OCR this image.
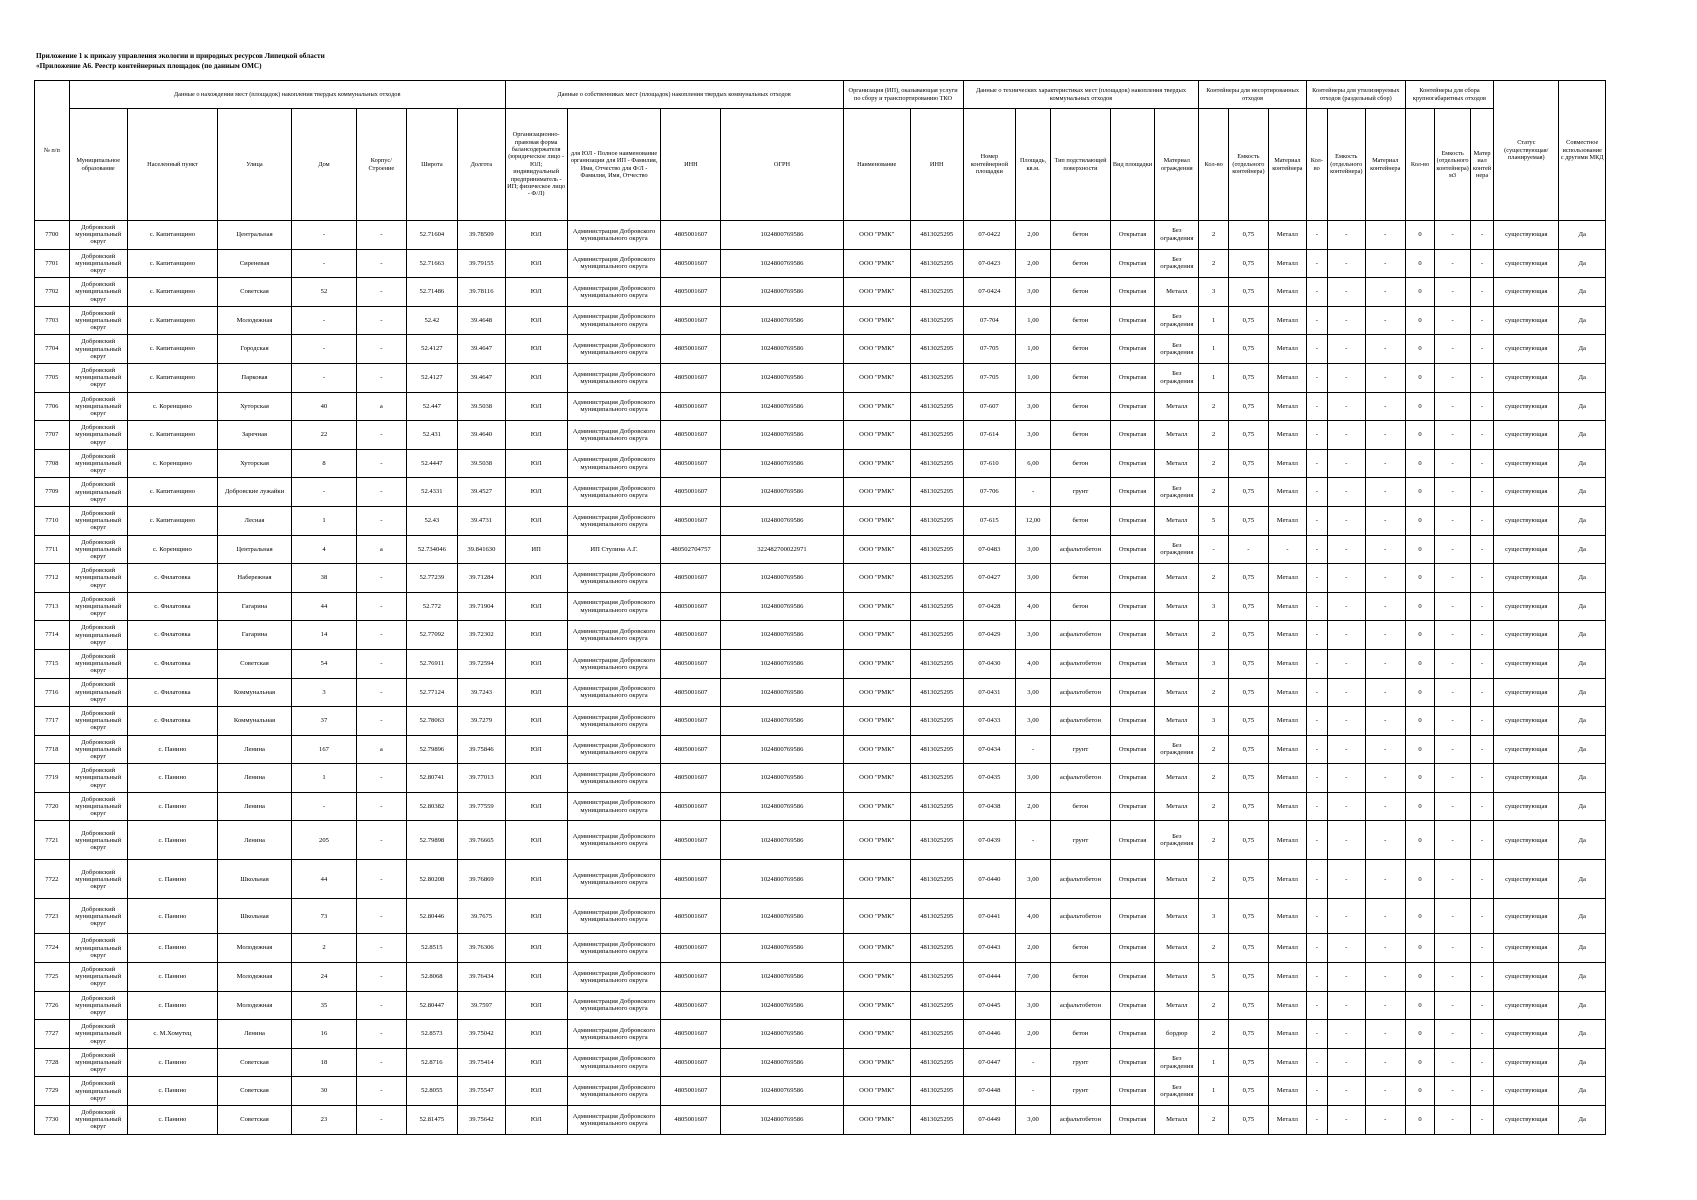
Приложение 1 к приказу управления экологии и природных ресурсов Липецкой области
«Приложение А6. Реестр контейнерных площадок (по данным ОМС)
№ п/п	Данные о нахождении мест (площадок) накопления твердых коммунальных отходов							Данные о собственниках мест (площадок) накопления твердых коммунальных отходов				Организация (ИП), оказывающая услуги по сбору и транспортированию ТКО		Данные о технических характеристиках мест (площадок) накопления твердых коммунальных отходов					Контейнеры для несортированных отходов			Контейнеры для утилизируемых отходов (раздельный сбор)			Контейнеры для сбора крупногабаритных отходов			Статус (существующая/ планируемая)	Совместное использование с другими МКД
	Муниципальное образование	Населенный пункт	Улица	Дом	Корпус/Строение	Широта	Долгота	Организационно-правовая форма балансодержателя (юридическое лицо - ЮЛ; индивидуальный предприниматель - ИП; физическое лицо - Ф/Л)	для ЮЛ - Полное наименование организации для ИП - Фамилия, Имя, Отчество для Ф/Л - Фамилия, Имя, Отчество	ИНН	ОГРН	Наименование	ИНН	Номер контейнерной площадки	Площадь, кв.м.	Тип подстилающей поверхности	Вид площадки	Материал ограждения	Кол-во	Емкость (отдельного контейнера)	Материал контейнера	Кол-во	Емкость (отдельного контейнера)	Материал контейнера	Кол-во	Емкость (отдельного контейнера) м3	Материал контейнера		
7700	Добровский муниципальный округ	с. Капитанщино	Центральная	-	-	52.71604	39.78509	ЮЛ	Администрация Добровского муниципального округа	4805001607	1024800769586	ООО "РМК"	4813025295	07-0422	2,00	бетон	Открытая	Без ограждения	2	0,75	Металл	-	-	-	0	-	-	существующая	Да
7701	Добровский муниципальный округ	с. Капитанщино	Сиреневая	-	-	52.71663	39.79155	ЮЛ	Администрация Добровского муниципального округа	4805001607	1024800769586	ООО "РМК"	4813025295	07-0423	2,00	бетон	Открытая	Без ограждения	2	0,75	Металл	-	-	-	0	-	-	существующая	Да
7702	Добровский муниципальный округ	с. Капитанщино	Советская	52	-	52.71486	39.78116	ЮЛ	Администрация Добровского муниципального округа	4805001607	1024800769586	ООО "РМК"	4813025295	07-0424	3,00	бетон	Открытая	Металл	3	0,75	Металл	-	-	-	0	-	-	существующая	Да
7703	Добровский муниципальный округ	с. Капитанщино	Молодежная	-	-	52.42	39.4648	ЮЛ	Администрация Добровского муниципального округа	4805001607	1024800769586	ООО "РМК"	4813025295	07-704	1,00	бетон	Открытая	Без ограждения	1	0,75	Металл	-	-	-	0	-	-	существующая	Да
7704	Добровский муниципальный округ	с. Капитанщино	Городская	-	-	52.4127	39.4647	ЮЛ	Администрация Добровского муниципального округа	4805001607	1024800769586	ООО "РМК"	4813025295	07-705	1,00	бетон	Открытая	Без ограждения	1	0,75	Металл	-	-	-	0	-	-	существующая	Да
7705	Добровский муниципальный округ	с. Капитанщино	Парковая	-	-	52.4127	39.4647	ЮЛ	Администрация Добровского муниципального округа	4805001607	1024800769586	ООО "РМК"	4813025295	07-705	1,00	бетон	Открытая	Без ограждения	1	0,75	Металл	-	-	-	0	-	-	существующая	Да
7706	Добровский муниципальный округ	с. Коренщино	Хуторская	40	а	52.447	39.5038	ЮЛ	Администрация Добровского муниципального округа	4805001607	1024800769586	ООО "РМК"	4813025295	07-607	3,00	бетон	Открытая	Металл	2	0,75	Металл	-	-	-	0	-	-	существующая	Да
7707	Добровский муниципальный округ	с. Капитанщино	Заречная	22	-	52.431	39.4640	ЮЛ	Администрация Добровского муниципального округа	4805001607	1024800769586	ООО "РМК"	4813025295	07-614	3,00	бетон	Открытая	Металл	2	0,75	Металл	-	-	-	0	-	-	существующая	Да
7708	Добровский муниципальный округ	с. Коренщино	Хуторская	8	-	52.4447	39.5038	ЮЛ	Администрация Добровского муниципального округа	4805001607	1024800769586	ООО "РМК"	4813025295	07-610	6,00	бетон	Открытая	Металл	2	0,75	Металл	-	-	-	0	-	-	существующая	Да
7709	Добровский муниципальный округ	с. Капитанщино	Добровские лужайки	-	-	52.4331	39.4527	ЮЛ	Администрация Добровского муниципального округа	4805001607	1024800769586	ООО "РМК"	4813025295	07-706	-	грунт	Открытая	Без ограждения	2	0,75	Металл	-	-	-	0	-	-	существующая	Да
7710	Добровский муниципальный округ	с. Капитанщино	Лесная	1	-	52.43	39.4731	ЮЛ	Администрация Добровского муниципального округа	4805001607	1024800769586	ООО "РМК"	4813025295	07-615	12,00	бетон	Открытая	Металл	5	0,75	Металл	-	-	-	0	-	-	существующая	Да
7711	Добровский муниципальный округ	с. Коренщино	Центральная	4	а	52.734046	39.841630	ИП	ИП Стулина А.Г.	480502704757	322482700022971	ООО "РМК"	4813025295	07-0483	3,00	асфальтобетон	Открытая	Без ограждения	-	-	-	-	-	-	0	-	-	существующая	Да
7712	Добровский муниципальный округ	с. Филатовка	Набережная	38	-	52.77239	39.71284	ЮЛ	Администрация Добровского муниципального округа	4805001607	1024800769586	ООО "РМК"	4813025295	07-0427	3,00	бетон	Открытая	Металл	2	0,75	Металл	-	-	-	0	-	-	существующая	Да
7713	Добровский муниципальный округ	с. Филатовка	Гагарина	44	-	52.772	39.71904	ЮЛ	Администрация Добровского муниципального округа	4805001607	1024800769586	ООО "РМК"	4813025295	07-0428	4,00	бетон	Открытая	Металл	3	0,75	Металл	-	-	-	0	-	-	существующая	Да
7714	Добровский муниципальный округ	с. Филатовка	Гагарина	14	-	52.77092	39.72302	ЮЛ	Администрация Добровского муниципального округа	4805001607	1024800769586	ООО "РМК"	4813025295	07-0429	3,00	асфальтобетон	Открытая	Металл	2	0,75	Металл	-	-	-	0	-	-	существующая	Да
7715	Добровский муниципальный округ	с. Филатовка	Советская	54	-	52.76911	39.72594	ЮЛ	Администрация Добровского муниципального округа	4805001607	1024800769586	ООО "РМК"	4813025295	07-0430	4,00	асфальтобетон	Открытая	Металл	3	0,75	Металл	-	-	-	0	-	-	существующая	Да
7716	Добровский муниципальный округ	с. Филатовка	Коммунальная	3	-	52.77124	39.7243	ЮЛ	Администрация Добровского муниципального округа	4805001607	1024800769586	ООО "РМК"	4813025295	07-0431	3,00	асфальтобетон	Открытая	Металл	2	0,75	Металл	-	-	-	0	-	-	существующая	Да
7717	Добровский муниципальный округ	с. Филатовка	Коммунальная	37	-	52.78063	39.7279	ЮЛ	Администрация Добровского муниципального округа	4805001607	1024800769586	ООО "РМК"	4813025295	07-0433	3,00	асфальтобетон	Открытая	Металл	3	0,75	Металл	-	-	-	0	-	-	существующая	Да
7718	Добровский муниципальный округ	с. Панино	Ленина	167	а	52.79896	39.75846	ЮЛ	Администрация Добровского муниципального округа	4805001607	1024800769586	ООО "РМК"	4813025295	07-0434	-	грунт	Открытая	Без ограждения	2	0,75	Металл	-	-	-	0	-	-	существующая	Да
7719	Добровский муниципальный округ	с. Панино	Ленина	1	-	52.80741	39.77013	ЮЛ	Администрация Добровского муниципального округа	4805001607	1024800769586	ООО "РМК"	4813025295	07-0435	3,00	асфальтобетон	Открытая	Металл	2	0,75	Металл	-	-	-	0	-	-	существующая	Да
7720	Добровский муниципальный округ	с. Панино	Ленина	-	-	52.80382	39.77559	ЮЛ	Администрация Добровского муниципального округа	4805001607	1024800769586	ООО "РМК"	4813025295	07-0438	2,00	бетон	Открытая	Металл	2	0,75	Металл	-	-	-	0	-	-	существующая	Да
7721	Добровский муниципальный округ	с. Панино	Ленина	205	-	52.79898	39.76665	ЮЛ	Администрация Добровского муниципального округа	4805001607	1024800769586	ООО "РМК"	4813025295	07-0439	-	грунт	Открытая	Без ограждения	2	0,75	Металл	-	-	-	0	-	-	существующая	Да
7722	Добровский муниципальный округ	с. Панино	Школьная	44	-	52.80208	39.76869	ЮЛ	Администрация Добровского муниципального округа	4805001607	1024800769586	ООО "РМК"	4813025295	07-0440	3,00	асфальтобетон	Открытая	Металл	2	0,75	Металл	-	-	-	0	-	-	существующая	Да
7723	Добровский муниципальный округ	с. Панино	Школьная	73	-	52.80446	39.7675	ЮЛ	Администрация Добровского муниципального округа	4805001607	1024800769586	ООО "РМК"	4813025295	07-0441	4,00	асфальтобетон	Открытая	Металл	3	0,75	Металл	-	-	-	0	-	-	существующая	Да
7724	Добровский муниципальный округ	с. Панино	Молодежная	2	-	52.8515	39.76306	ЮЛ	Администрация Добровского муниципального округа	4805001607	1024800769586	ООО "РМК"	4813025295	07-0443	2,00	бетон	Открытая	Металл	2	0,75	Металл	-	-	-	0	-	-	существующая	Да
7725	Добровский муниципальный округ	с. Панино	Молодежная	24	-	52.8068	39.76434	ЮЛ	Администрация Добровского муниципального округа	4805001607	1024800769586	ООО "РМК"	4813025295	07-0444	7,00	бетон	Открытая	Металл	5	0,75	Металл	-	-	-	0	-	-	существующая	Да
7726	Добровский муниципальный округ	с. Панино	Молодежная	35	-	52.80447	39.7597	ЮЛ	Администрация Добровского муниципального округа	4805001607	1024800769586	ООО "РМК"	4813025295	07-0445	3,00	асфальтобетон	Открытая	Металл	2	0,75	Металл	-	-	-	0	-	-	существующая	Да
7727	Добровский муниципальный округ	с. М.Хомутец	Ленина	16	-	52.8573	39.75042	ЮЛ	Администрация Добровского муниципального округа	4805001607	1024800769586	ООО "РМК"	4813025295	07-0446	2,00	бетон	Открытая	бордюр	2	0,75	Металл	-	-	-	0	-	-	существующая	Да
7728	Добровский муниципальный округ	с. Панино	Советская	18	-	52.8716	39.75414	ЮЛ	Администрация Добровского муниципального округа	4805001607	1024800769586	ООО "РМК"	4813025295	07-0447	-	грунт	Открытая	Без ограждения	1	0,75	Металл	-	-	-	0	-	-	существующая	Да
7729	Добровский муниципальный округ	с. Панино	Советская	30	-	52.8055	39.75547	ЮЛ	Администрация Добровского муниципального округа	4805001607	1024800769586	ООО "РМК"	4813025295	07-0448	-	грунт	Открытая	Без ограждения	1	0,75	Металл	-	-	-	0	-	-	существующая	Да
7730	Добровский муниципальный округ	с. Панино	Советская	23	-	52.81475	39.75642	ЮЛ	Администрация Добровского муниципального округа	4805001607	1024800769586	ООО "РМК"	4813025295	07-0449	3,00	асфальтобетон	Открытая	Металл	2	0,75	Металл	-	-	-	0	-	-	существующая	Да
